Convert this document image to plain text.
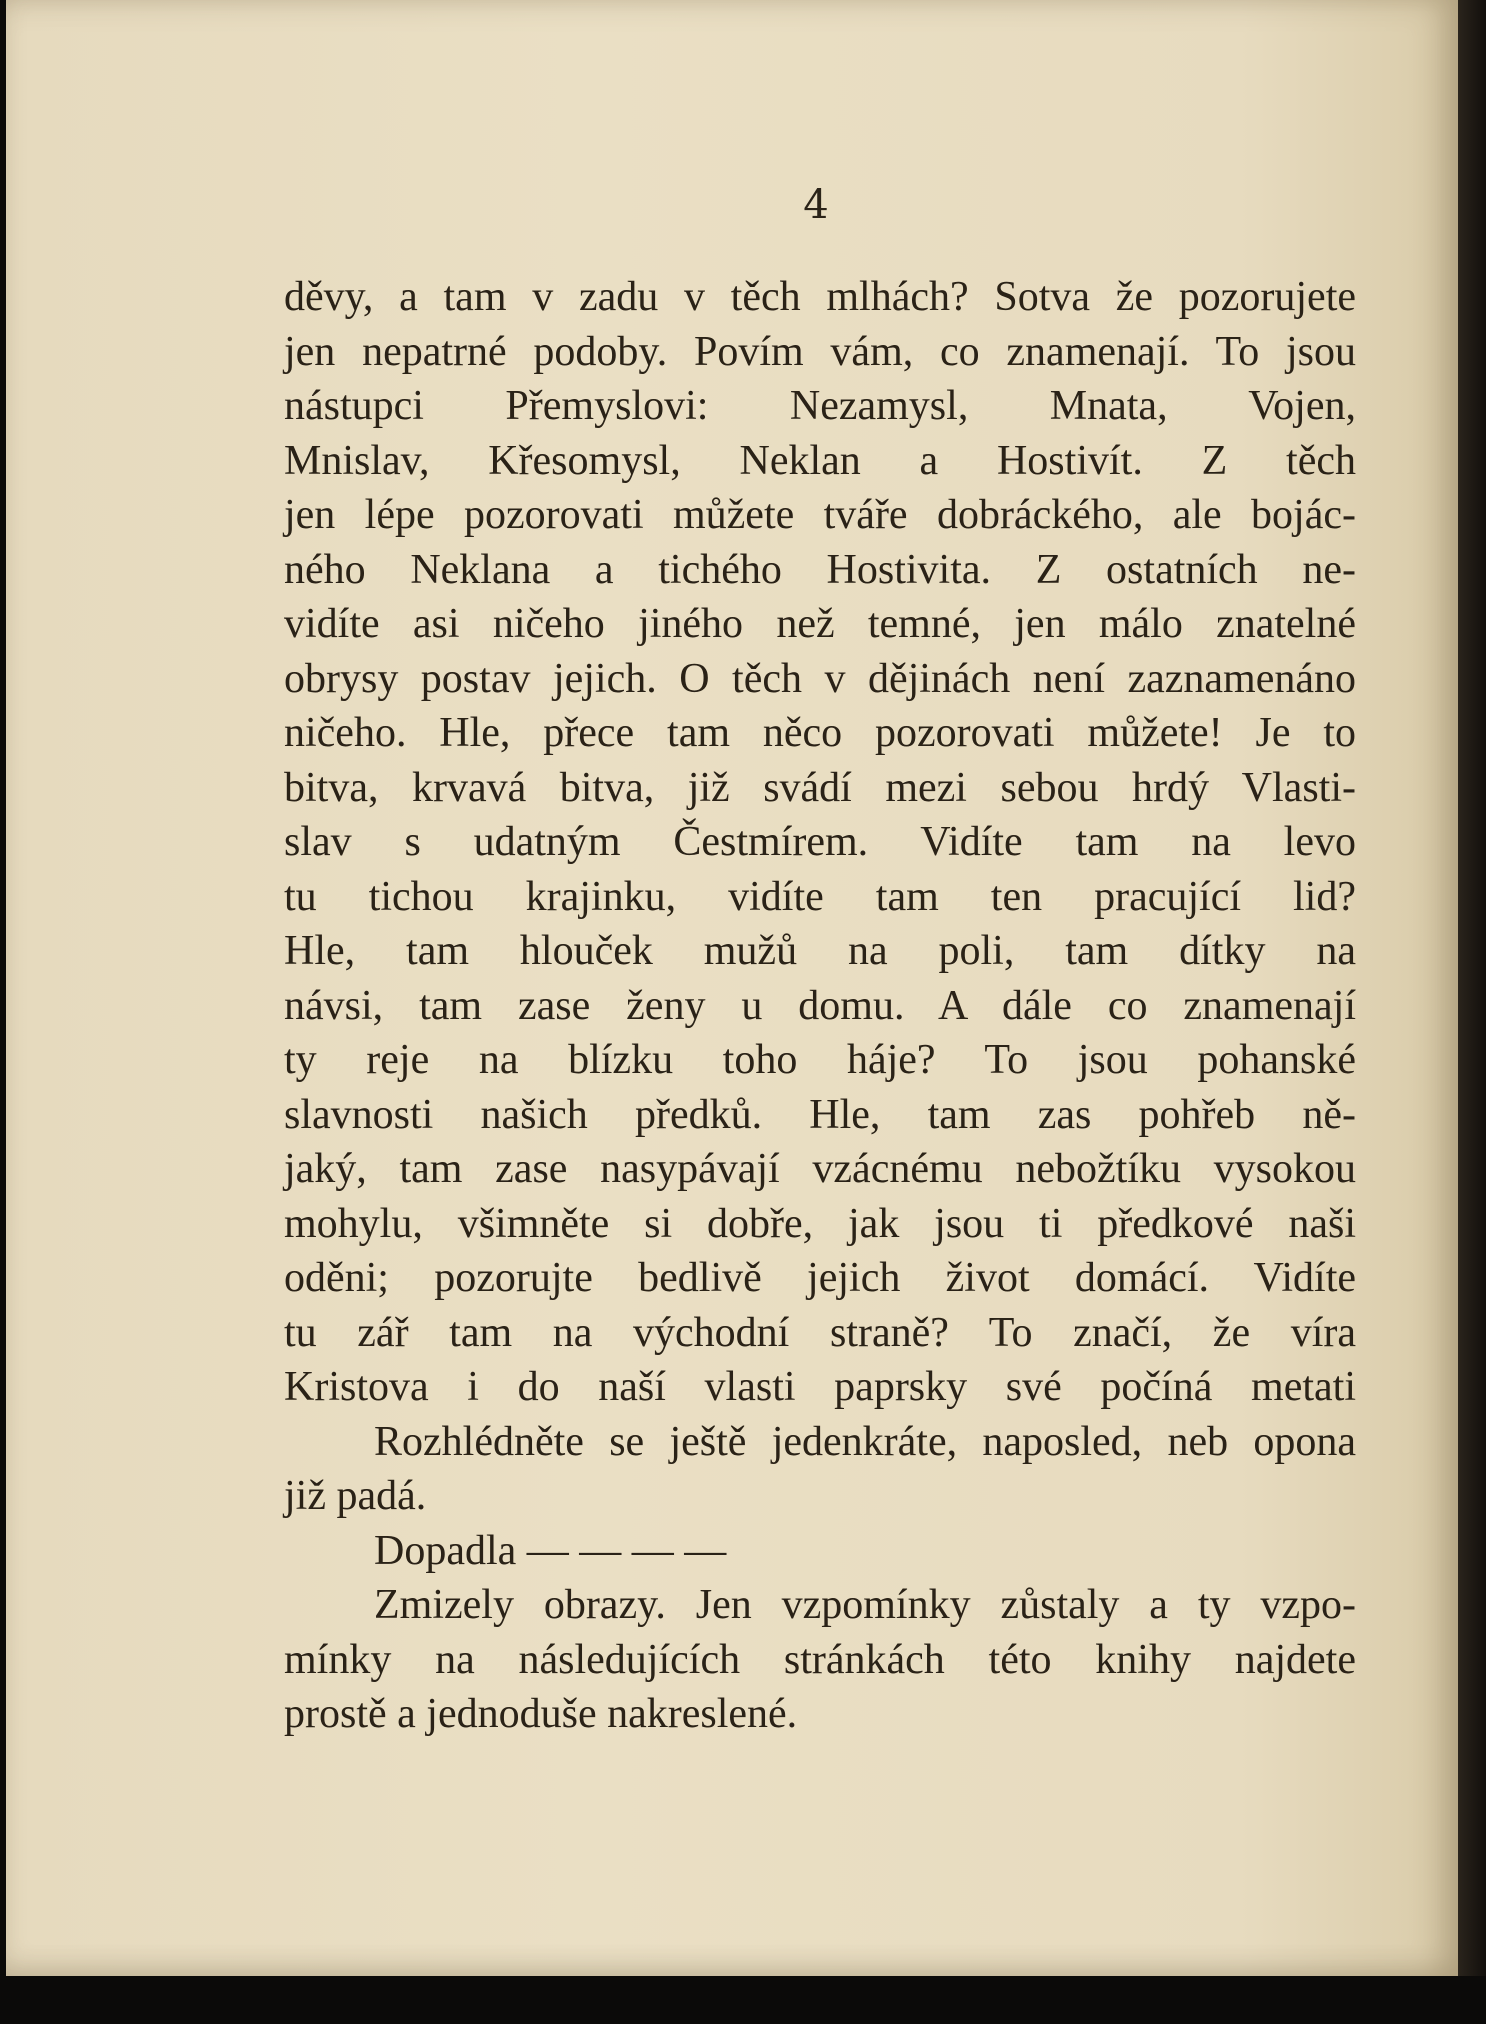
4
děvy, a tam v zadu v těch mlhách? Sotva že pozorujete
jen nepatrné podoby. Povím vám, co znamenají. To jsou
nástupci Přemyslovi: Nezamysl, Mnata, Vojen,
Mnislav, Křesomysl, Neklan a Hostivít. Z těch
jen lépe pozorovati můžete tváře dobráckého, ale bojác-
ného Neklana a tichého Hostivita. Z ostatních ne-
vidíte asi ničeho jiného než temné, jen málo znatelné
obrysy postav jejich. O těch v dějinách není zaznamenáno
ničeho. Hle, přece tam něco pozorovati můžete! Je to
bitva, krvavá bitva, již svádí mezi sebou hrdý Vlasti-
slav s udatným Čestmírem. Vidíte tam na levo
tu tichou krajinku, vidíte tam ten pracující lid?
Hle, tam hlouček mužů na poli, tam dítky na
návsi, tam zase ženy u domu. A dále co znamenají
ty reje na blízku toho háje? To jsou pohanské
slavnosti našich předků. Hle, tam zas pohřeb ně-
jaký, tam zase nasypávají vzácnému nebožtíku vysokou
mohylu, všimněte si dobře, jak jsou ti předkové naši
oděni; pozorujte bedlivě jejich život domácí. Vidíte
tu zář tam na východní straně? To značí, že víra
Kristova i do naší vlasti paprsky své počíná metati
Rozhlédněte se ještě jedenkráte, naposled, neb opona
již padá.
Dopadla — — — —
Zmizely obrazy. Jen vzpomínky zůstaly a ty vzpo-
mínky na následujících stránkách této knihy najdete
prostě a jednoduše nakreslené.
